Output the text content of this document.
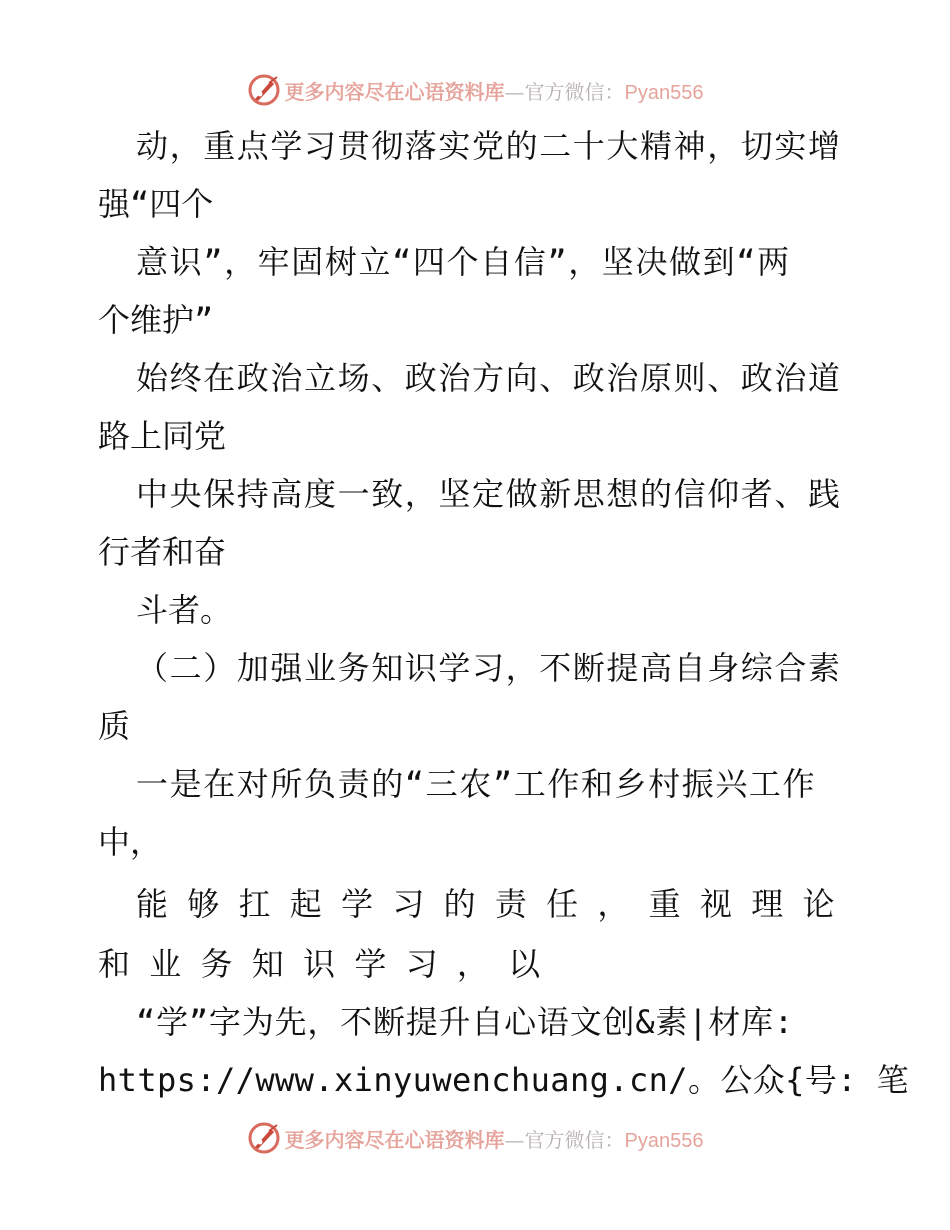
更多内容尽在心语资料库—官方微信：Pyan556
动，重点学习贯彻落实党的二十大精神，切实增
强“四个
意识”，牢固树立“四个自信”，坚决做到“两
个维护”
始终在政治立场、政治方向、政治原则、政治道
路上同党
中央保持高度一致，坚定做新思想的信仰者、践
行者和奋
斗者。
（二）加强业务知识学习，不断提高自身综合素
质
一是在对所负责的“三农”工作和乡村振兴工作
中，
能 够 扛 起 学 习 的 责 任 ， 重 视 理 论
和 业 务 知 识 学 习 ， 以
“学”字为先，不断提升自心语文创&素|材库:
https://www.xinyuwenchuang.cn/。公众{号: 笔
更多内容尽在心语资料库—官方微信：Pyan556
